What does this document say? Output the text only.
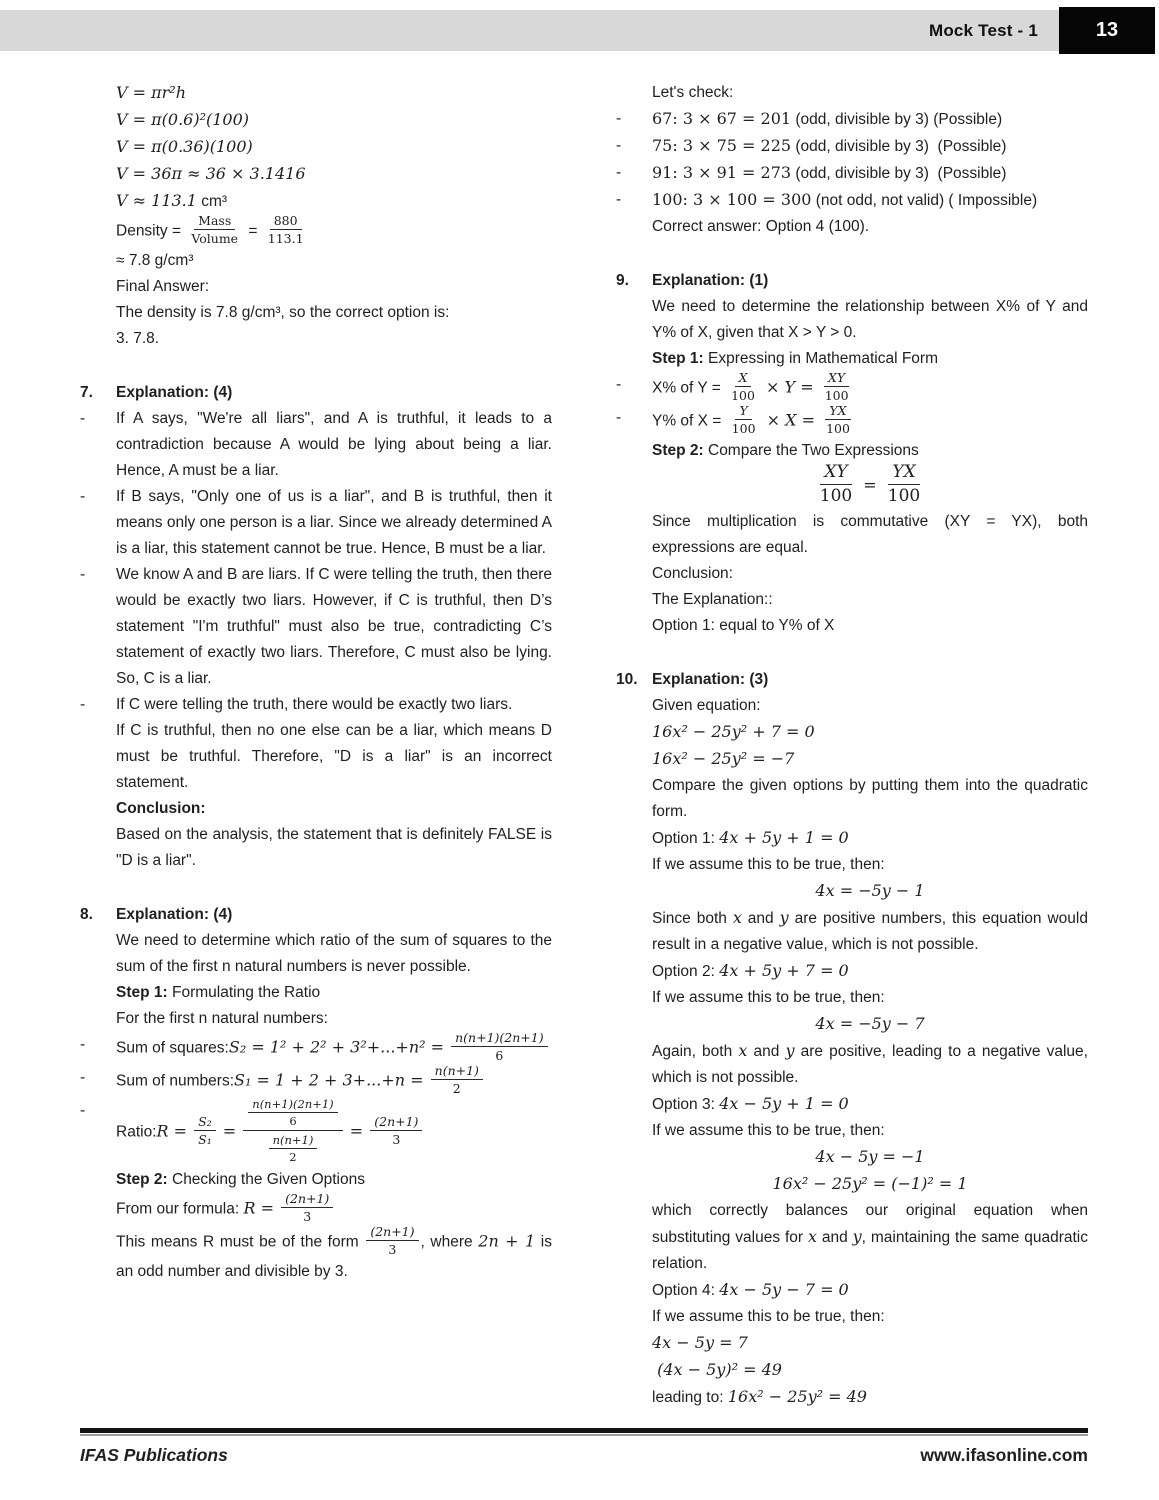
Mock Test - 1	13
V = πr²h
V = π(0.6)²(100)
V = π(0.36)(100)
V = 36π ≈ 36 × 3.1416
V ≈ 113.1 cm³
Density = $\frac{\text{Mass}}{\text{Volume}} = \frac{880}{113.1}$
≈ 7.8 g/cm³
Final Answer:
The density is 7.8 g/cm³, so the correct option is:
3. 7.8.
7.	Explanation: (4)
-	If A says, "We're all liars", and A is truthful, it leads to a contradiction because A would be lying about being a liar. Hence, A must be a liar.
-	If B says, "Only one of us is a liar", and B is truthful, then it means only one person is a liar. Since we already determined A is a liar, this statement cannot be true. Hence, B must be a liar.
-	We know A and B are liars. If C were telling the truth, then there would be exactly two liars. However, if C is truthful, then D’s statement "I'm truthful" must also be true, contradicting C’s statement of exactly two liars. Therefore, C must also be lying. So, C is a liar.
-	If C were telling the truth, there would be exactly two liars.
If C is truthful, then no one else can be a liar, which means D must be truthful. Therefore, "D is a liar" is an incorrect statement.
Conclusion:
Based on the analysis, the statement that is definitely FALSE is "D is a liar".
8.	Explanation: (4)
We need to determine which ratio of the sum of squares to the sum of the first n natural numbers is never possible.
Step 1: Formulating the Ratio
For the first n natural numbers:
-	Sum of squares:S₂ = $1^2 + 2^2 + 3^2+...+n^2 = \frac{n(n+1)(2n+1)}{6}$
-	Sum of numbers:S₁ = $1 + 2 + 3+...+n = \frac{n(n+1)}{2}$
-
Ratio:R = $\frac{\text{S₂}}{\text{S₁}} = \frac{\frac{n(n+1)(2n+1)}{6}}{\frac{n(n+1)}{2}} = \frac{(2n+1)}{3}$
Step 2: Checking the Given Options
From our formula: $R = \frac{(2n+1)}{3}$
This means R must be of the form $\frac{(2n+1)}{3}$ , where 2n + 1 is an odd number and divisible by 3.
Let's check:
-	67: 3 × 67 = 201 (odd, divisible by 3) (Possible)
-	75: 3 × 75 = 225 (odd, divisible by 3)  (Possible)
-	91: 3 × 91 = 273 (odd, divisible by 3)  (Possible)
-	100: 3 × 100 = 300 (not odd, not valid) ( Impossible)
Correct answer: Option 4 (100).
9.	Explanation: (1)
We need to determine the relationship between X% of Y and Y% of X, given that X > Y > 0.
Step 1: Expressing in Mathematical Form
-	X% of $Y = \frac{X}{100} \times Y = \frac{XY}{100}$
-	Y% of $X = \frac{Y}{100} \times X = \frac{YX}{100}$
Step 2: Compare the Two Expressions
$\frac{XY}{100} = \frac{YX}{100}$
Since multiplication is commutative (XY = YX), both expressions are equal.
Conclusion:
The Explanation::
Option 1: equal to Y% of X
10. Explanation: (3)
Given equation:
16x² − 25y² + 7 = 0
16x² − 25y² = −7
Compare the given options by putting them into the quadratic form.
Option 1: 4x + 5y + 1 = 0
If we assume this to be true, then:
4x = −5y − 1
Since both x and y are positive numbers, this equation would result in a negative value, which is not possible.
Option 2: 4x + 5y + 7 = 0
If we assume this to be true, then:
4x = −5y − 7
Again, both x and y are positive, leading to a negative value, which is not possible.
Option 3: 4x − 5y + 1 = 0
If we assume this to be true, then:
4x − 5y = −1
16x² − 25y² = (−1)² = 1
which correctly balances our original equation when substituting values for x and y, maintaining the same quadratic relation.
Option 4: 4x − 5y − 7 = 0
If we assume this to be true, then:
4x − 5y = 7
(4x − 5y)² = 49
leading to: 16x² − 25y² = 49
IFAS Publications	www.ifasonline.com
